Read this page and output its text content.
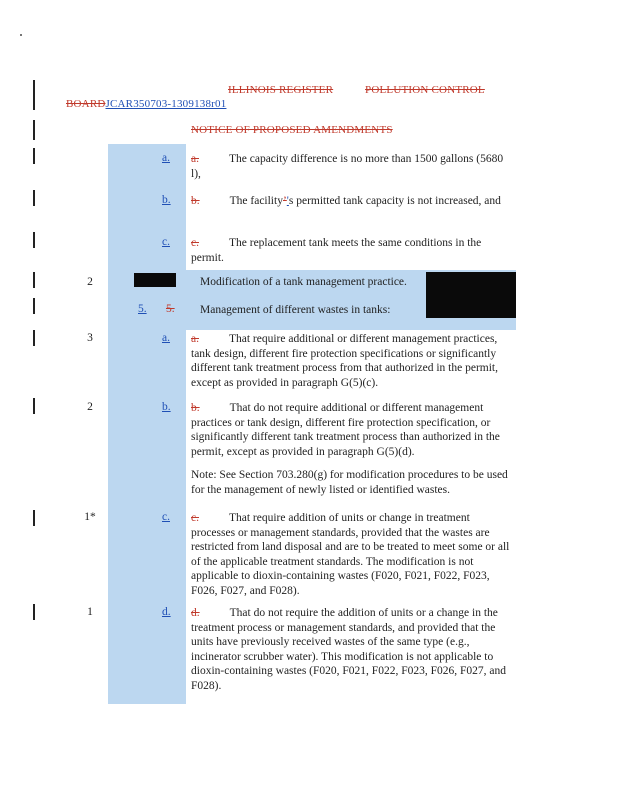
ILLINOIS REGISTER	POLLUTION CONTROL
BOARDJCAR350703-1309138r01
NOTICE OF PROPOSED AMENDMENTS
a. a.	The capacity difference is no more than 1500 gallons (5680 l),
b. b.	The facility’'s permitted tank capacity is not increased, and
c. c.	The replacement tank meets the same conditions in the permit.
2	Modification of a tank management practice.
5. 5. Management of different wastes in tanks:
3	a. a.	That require additional or different management practices, tank design, different fire protection specifications or significantly different tank treatment process from that authorized in the permit, except as provided in paragraph G(5)(c).
2	b. b.	That do not require additional or different management practices or tank design, different fire protection specification, or significantly different tank treatment process than authorized in the permit, except as provided in paragraph G(5)(d).
Note: See Section 703.280(g) for modification procedures to be used for the management of newly listed or identified wastes.
1*	c. c.	That require addition of units or change in treatment processes or management standards, provided that the wastes are restricted from land disposal and are to be treated to meet some or all of the applicable treatment standards. The modification is not applicable to dioxin-containing wastes (F020, F021, F022, F023, F026, F027, and F028).
1	d. d.	That do not require the addition of units or a change in the treatment process or management standards, and provided that the units have previously received wastes of the same type (e.g., incinerator scrubber water). This modification is not applicable to dioxin-containing wastes (F020, F021, F022, F023, F026, F027, and F028).
